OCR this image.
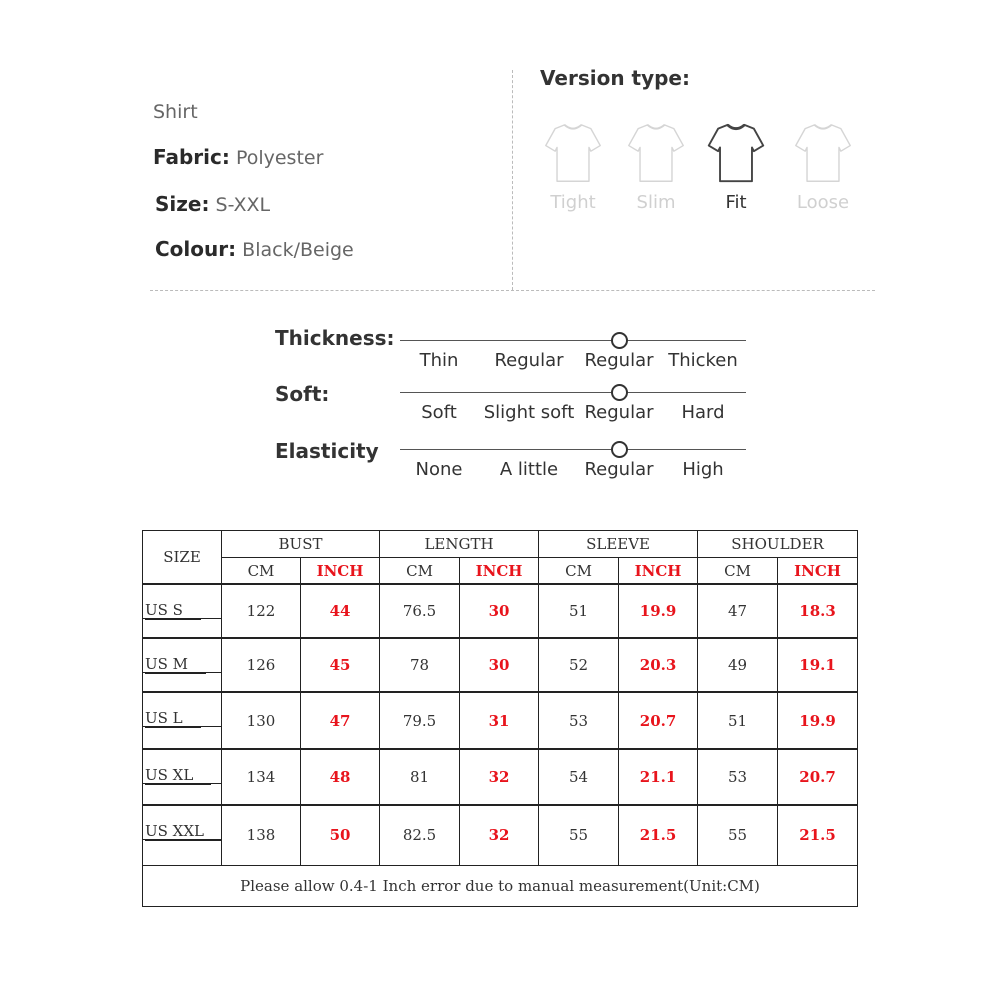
Shirt
Fabric: Polyester
Size: S-XXL
Colour: Black/Beige
Version type:
Tight	Slim	Fit	Loose
Thickness:
Thin Regular Regular Thicken
Soft:
Soft Slight soft Regular Hard
Elasticity
None A little Regular High
SIZE	BUST		LENGTH		SLEEVE		SHOULDER	
	CM	INCH	CM	INCH	CM	INCH	CM	INCH

US S	122	44	76.5	30	51	19.9	47	18.3

US M	126	45	78	30	52	20.3	49	19.1

US L	130	47	79.5	31	53	20.7	51	19.9

US XL	134	48	81	32	54	21.1	53	20.7

US XXL	138	50	82.5	32	55	21.5	55	21.5
Please allow 0.4-1 Inch error due to manual measurement(Unit:CM)								
